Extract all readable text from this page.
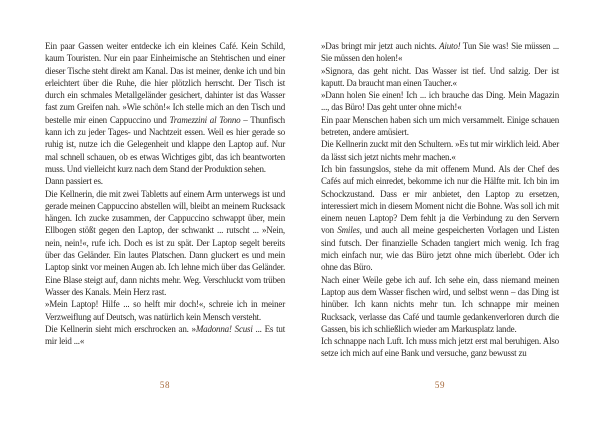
Ein paar Gassen weiter entdecke ich ein kleines Café. Kein Schild, kaum Touristen. Nur ein paar Einheimische an Stehtischen und einer dieser Tische steht direkt am Kanal. Das ist meiner, denke ich und bin erleichtert über die Ruhe, die hier plötzlich herrscht. Der Tisch ist durch ein schmales Metallgeländer gesichert, dahinter ist das Wasser fast zum Greifen nah. »Wie schön!« Ich stelle mich an den Tisch und bestelle mir einen Cappuccino und Tramezzini al Tonno – Thunfisch kann ich zu jeder Tages- und Nachtzeit essen. Weil es hier gerade so ruhig ist, nutze ich die Gelegenheit und klappe den Laptop auf. Nur mal schnell schauen, ob es etwas Wichtiges gibt, das ich beantworten muss. Und vielleicht kurz nach dem Stand der Produktion sehen.

Dann passiert es.

Die Kellnerin, die mit zwei Tabletts auf einem Arm unterwegs ist und gerade meinen Cappuccino abstellen will, bleibt an meinem Rucksack hängen. Ich zucke zusammen, der Cappuccino schwappt über, mein Ellbogen stößt gegen den Laptop, der schwankt ... rutscht ... »Nein, nein, nein!«, rufe ich. Doch es ist zu spät. Der Laptop segelt bereits über das Geländer. Ein lautes Platschen. Dann gluckert es und mein Laptop sinkt vor meinen Augen ab. Ich lehne mich über das Geländer. Eine Blase steigt auf, dann nichts mehr. Weg. Verschluckt vom trüben Wasser des Kanals. Mein Herz rast.

»Mein Laptop! Hilfe ... so helft mir doch!«, schreie ich in meiner Verzweiflung auf Deutsch, was natürlich kein Mensch versteht.

Die Kellnerin sieht mich erschrocken an. »Madonna! Scusi ... Es tut mir leid ...«

»Das bringt mir jetzt auch nichts. Aiuto! Tun Sie was! Sie müssen ... Sie müssen den holen!«

»Signora, das geht nicht. Das Wasser ist tief. Und salzig. Der ist kaputt. Da braucht man einen Taucher.«

»Dann holen Sie einen! Ich ... ich brauche das Ding. Mein Magazin ..., das Büro! Das geht unter ohne mich!«

Ein paar Menschen haben sich um mich versammelt. Einige schauen betreten, andere amüsiert.

Die Kellnerin zuckt mit den Schultern. »Es tut mir wirklich leid. Aber da lässt sich jetzt nichts mehr machen.«

Ich bin fassungslos, stehe da mit offenem Mund. Als der Chef des Cafés auf mich einredet, bekomme ich nur die Hälfte mit. Ich bin im Schockzustand. Dass er mir anbietet, den Laptop zu ersetzen, interessiert mich in diesem Moment nicht die Bohne. Was soll ich mit einem neuen Laptop? Dem fehlt ja die Verbindung zu den Servern von Smiles, und auch all meine gespeicherten Vorlagen und Listen sind futsch. Der finanzielle Schaden tangiert mich wenig. Ich frag mich einfach nur, wie das Büro jetzt ohne mich überlebt. Oder ich ohne das Büro.

Nach einer Weile gebe ich auf. Ich sehe ein, dass niemand meinen Laptop aus dem Wasser fischen wird, und selbst wenn – das Ding ist hinüber. Ich kann nichts mehr tun. Ich schnappe mir meinen Rucksack, verlasse das Café und taumle gedankenverloren durch die Gassen, bis ich schließlich wieder am Markusplatz lande.

Ich schnappe nach Luft. Ich muss mich jetzt erst mal beruhigen. Also setze ich mich auf eine Bank und versuche, ganz bewusst zu

58	59
